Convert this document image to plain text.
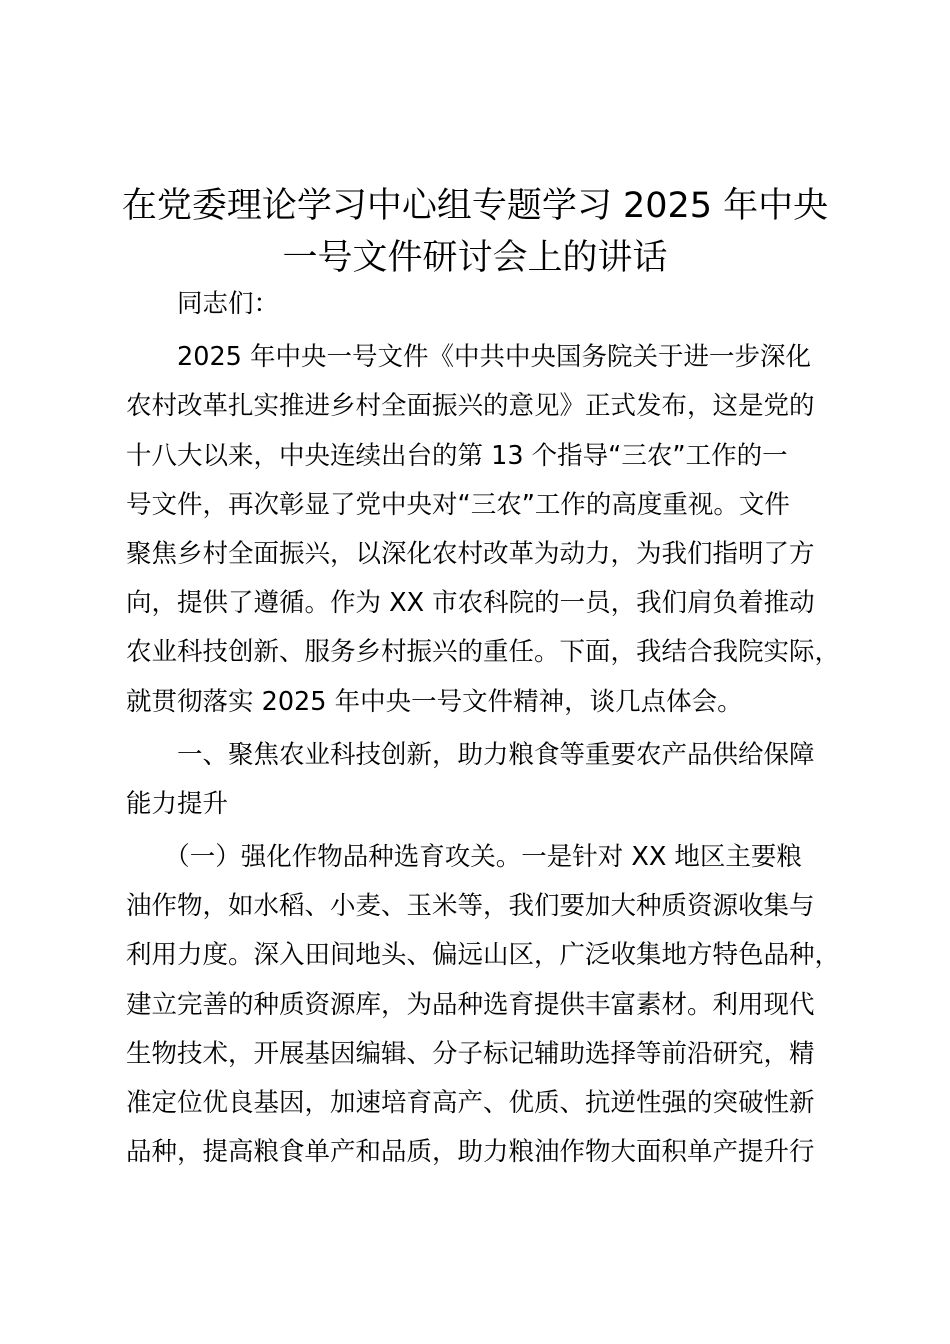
在党委理论学习中心组专题学习 2025 年中央
一号文件研讨会上的讲话
　　同志们：
　　2025 年中央一号文件《中共中央国务院关于进一步深化
农村改革扎实推进乡村全面振兴的意见》正式发布，这是党的
十八大以来，中央连续出台的第 13 个指导“三农”工作的一
号文件，再次彰显了党中央对“三农”工作的高度重视。文件
聚焦乡村全面振兴，以深化农村改革为动力，为我们指明了方
向，提供了遵循。作为 XX 市农科院的一员，我们肩负着推动
农业科技创新、服务乡村振兴的重任。下面，我结合我院实际，
就贯彻落实 2025 年中央一号文件精神，谈几点体会。
　　一、聚焦农业科技创新，助力粮食等重要农产品供给保障
能力提升
　　（一）强化作物品种选育攻关。一是针对 XX 地区主要粮
油作物，如水稻、小麦、玉米等，我们要加大种质资源收集与
利用力度。深入田间地头、偏远山区，广泛收集地方特色品种，
建立完善的种质资源库，为品种选育提供丰富素材。利用现代
生物技术，开展基因编辑、分子标记辅助选择等前沿研究，精
准定位优良基因，加速培育高产、优质、抗逆性强的突破性新
品种，提高粮食单产和品质，助力粮油作物大面积单产提升行
